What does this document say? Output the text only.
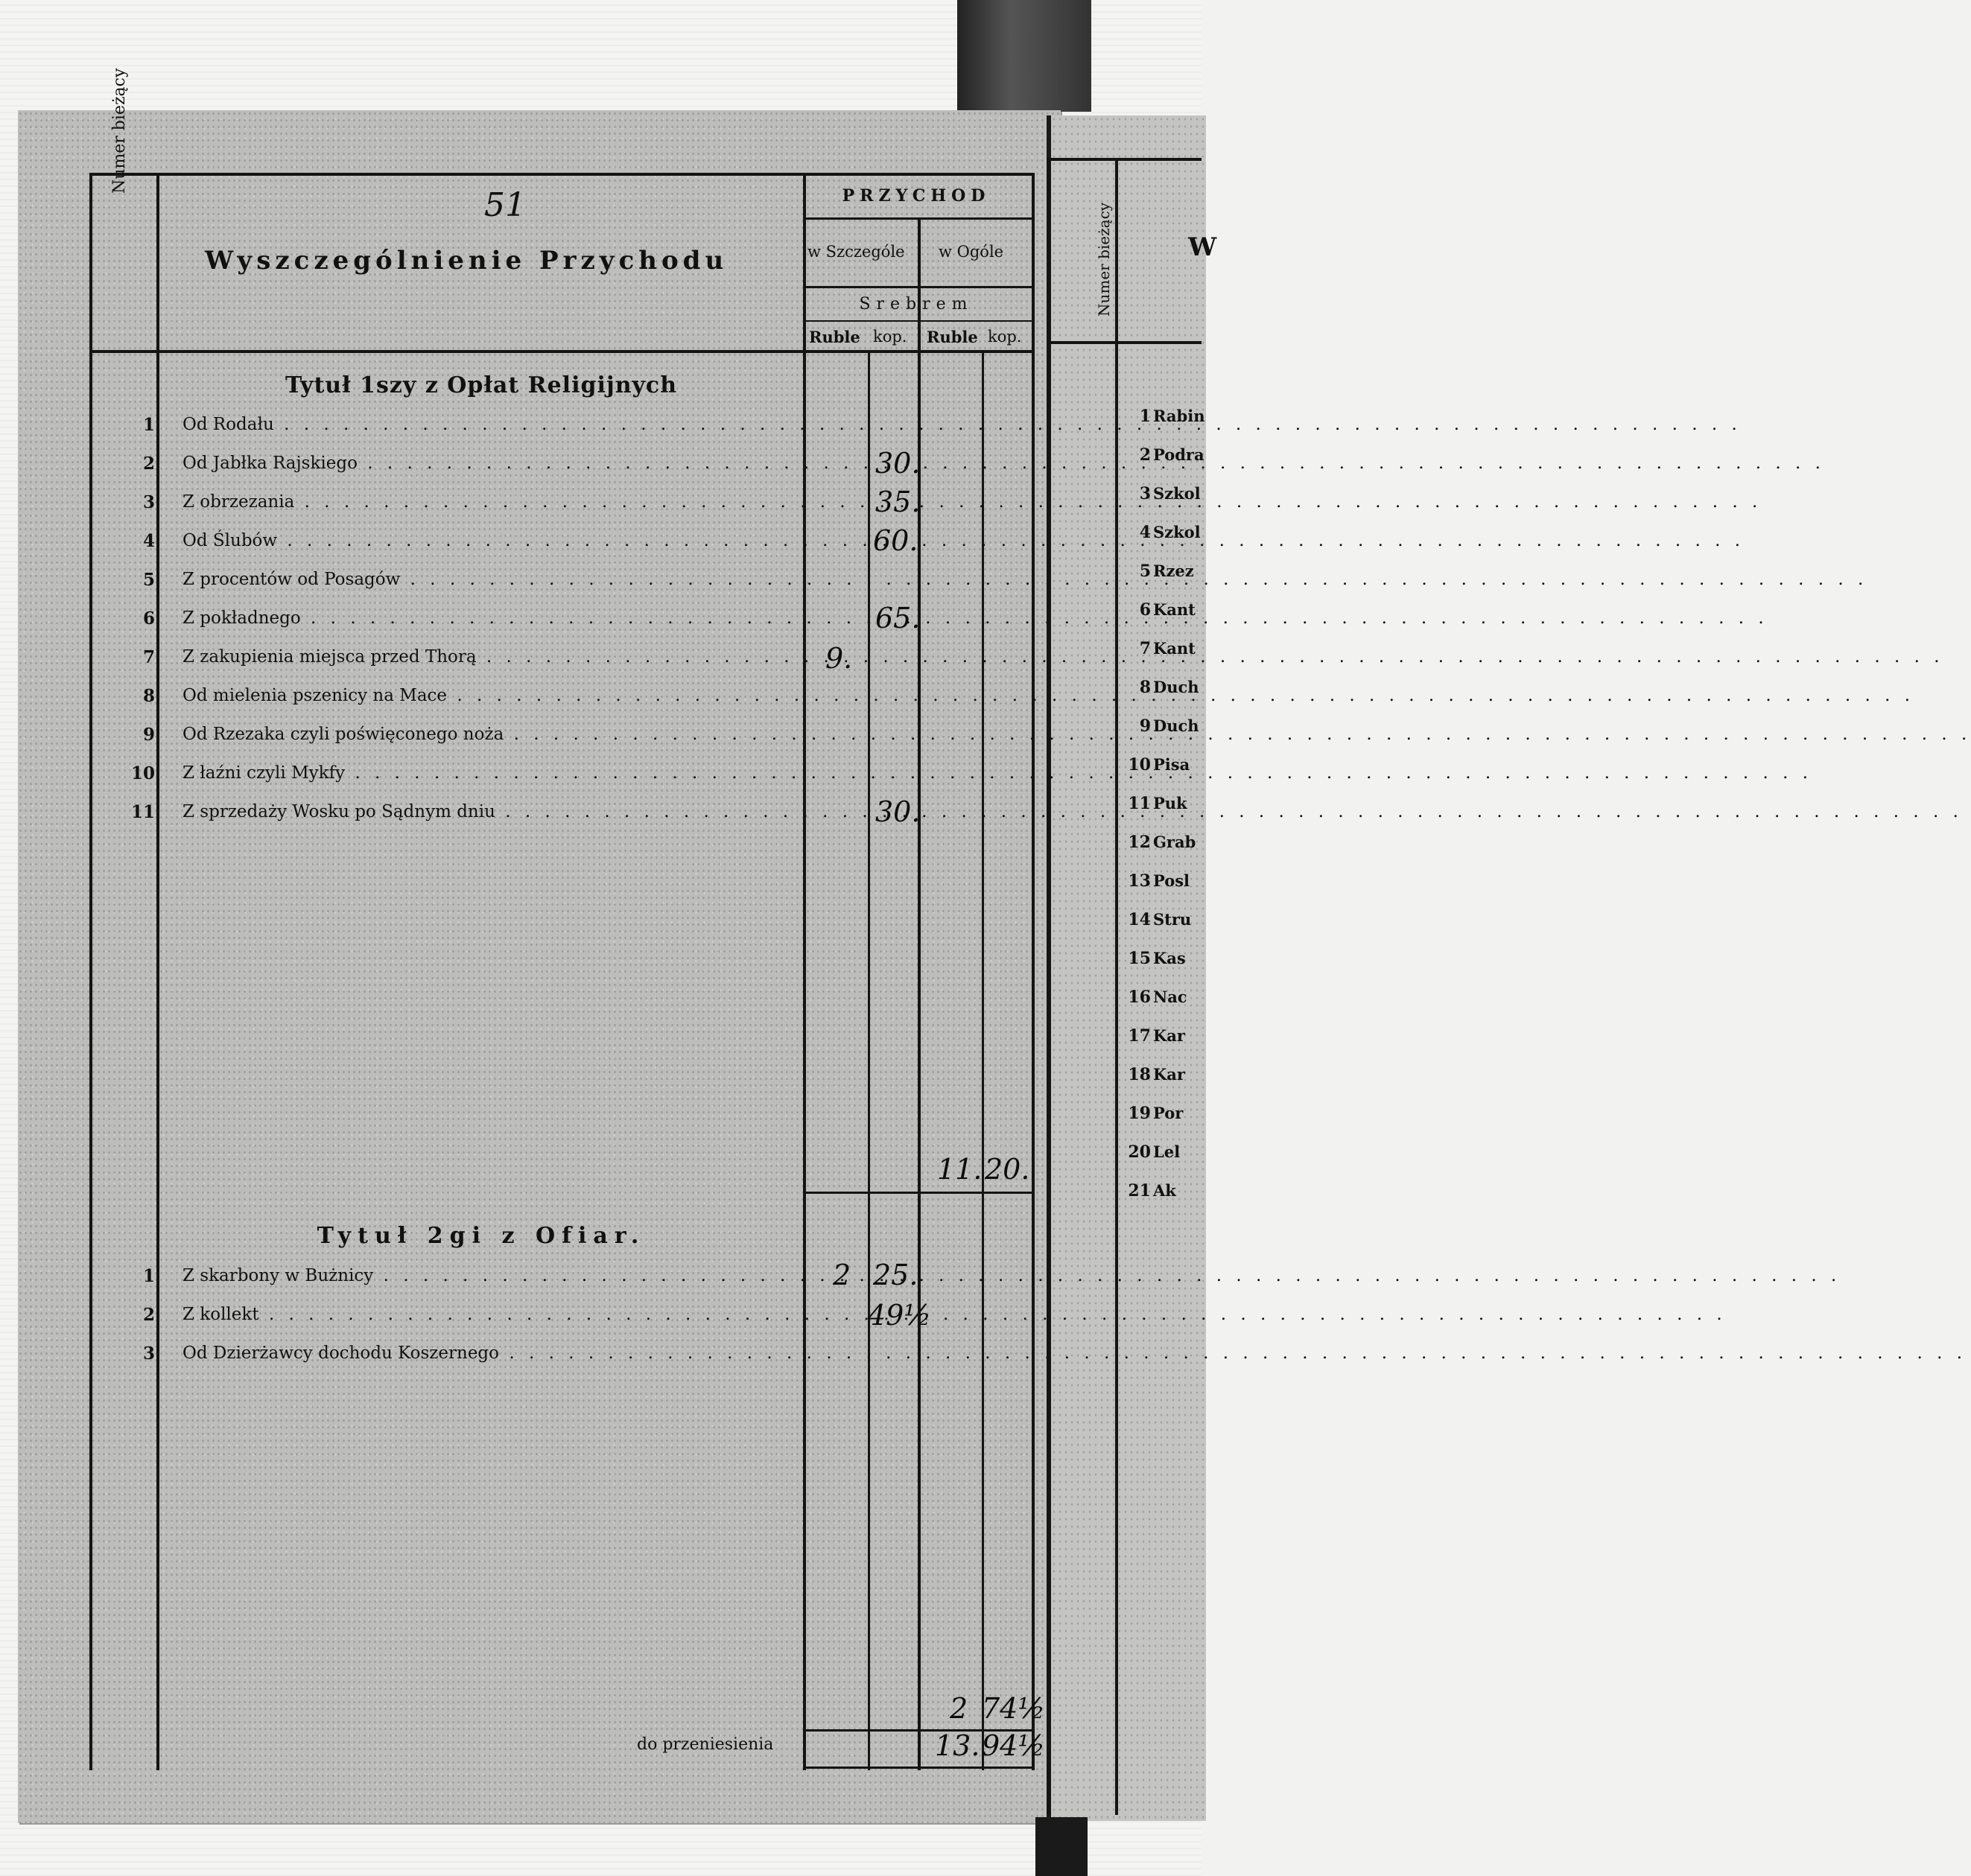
51
Numer bieżący
Wyszczególnienie Przychodu
PRZYCHOD
w Szczególe w Ogóle
Srebrem
Ruble kop. Ruble kop.
Tytuł 1szy z Opłat Religijnych
1 Od Rodału . . .
2 Od Jabłka Rajskiego . . .
3 Z obrzezania . . .
4 Od Ślubów . . .
5 Z procentów od Posagów . . .
6 Z pokładnego . . .
7 Z zakupienia miejsca przed Thorą . . .
8 Od mielenia pszenicy na Mace . . .
9 Od Rzezaka czyli poświęconego noża . . .
10 Z łaźni czyli Mykfy . . .
11 Z sprzedaży Wosku po Sądnym dniu . . .
30.
35.
60.
65.
9.
30.
11. 20.
Tytuł 2gi z Ofiar.
1 Z skarbony w Bużnicy . . .
2 Z kollekt . . .
3 Od Dzierżawcy dochodu Koszernego . . .
2 25.
49½
2 74½
do przeniesienia	13. 94½
Numer bieżący	W
1 Rabin
2 Podra
3 Szkol
4 Szkol
5 Rzez
6 Kant
7 Kant
8 Duch
9 Duch
10 Pisa
11 Puk
12 Grab
13 Posl
14 Stru
15 Kas
16 Nac
17 Kar
18 Kar
19 Por
20 Lel
21 Ak
